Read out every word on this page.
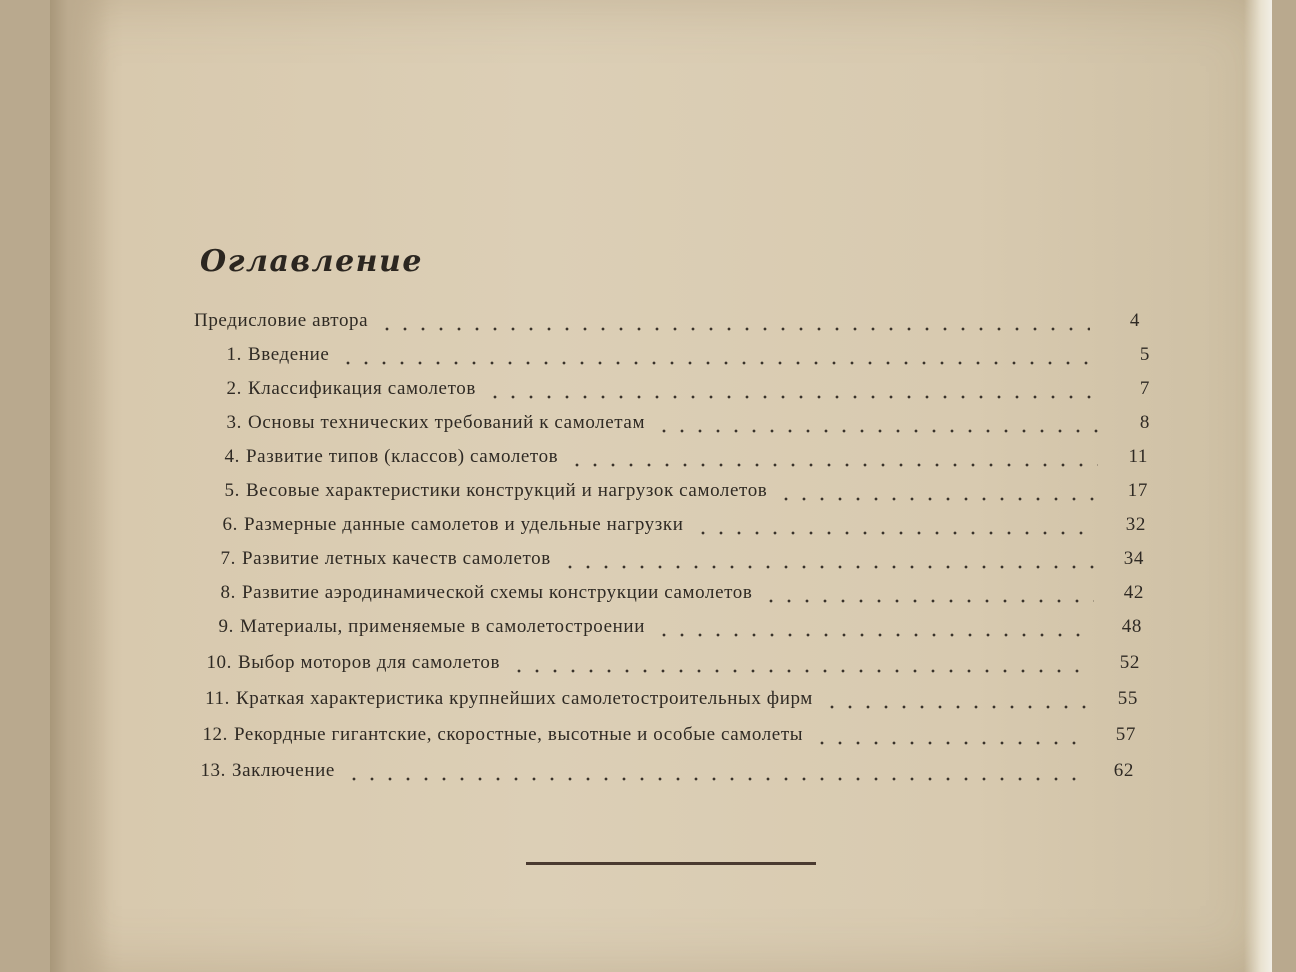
Оглавление
Предисловие автора	4
1. Введение	5
2. Классификация самолетов	7
3. Основы технических требований к самолетам	8
4. Развитие типов (классов) самолетов	11
5. Весовые характеристики конструкций и нагрузок самолетов	17
6. Размерные данные самолетов и удельные нагрузки	32
7. Развитие летных качеств самолетов	34
8. Развитие аэродинамической схемы конструкции самолетов	42
9. Материалы, применяемые в самолетостроении	48
10. Выбор моторов для самолетов	52
11. Краткая характеристика крупнейших самолетостроительных фирм	55
12. Рекордные гигантские, скоростные, высотные и особые самолеты	57
13. Заключение	62
